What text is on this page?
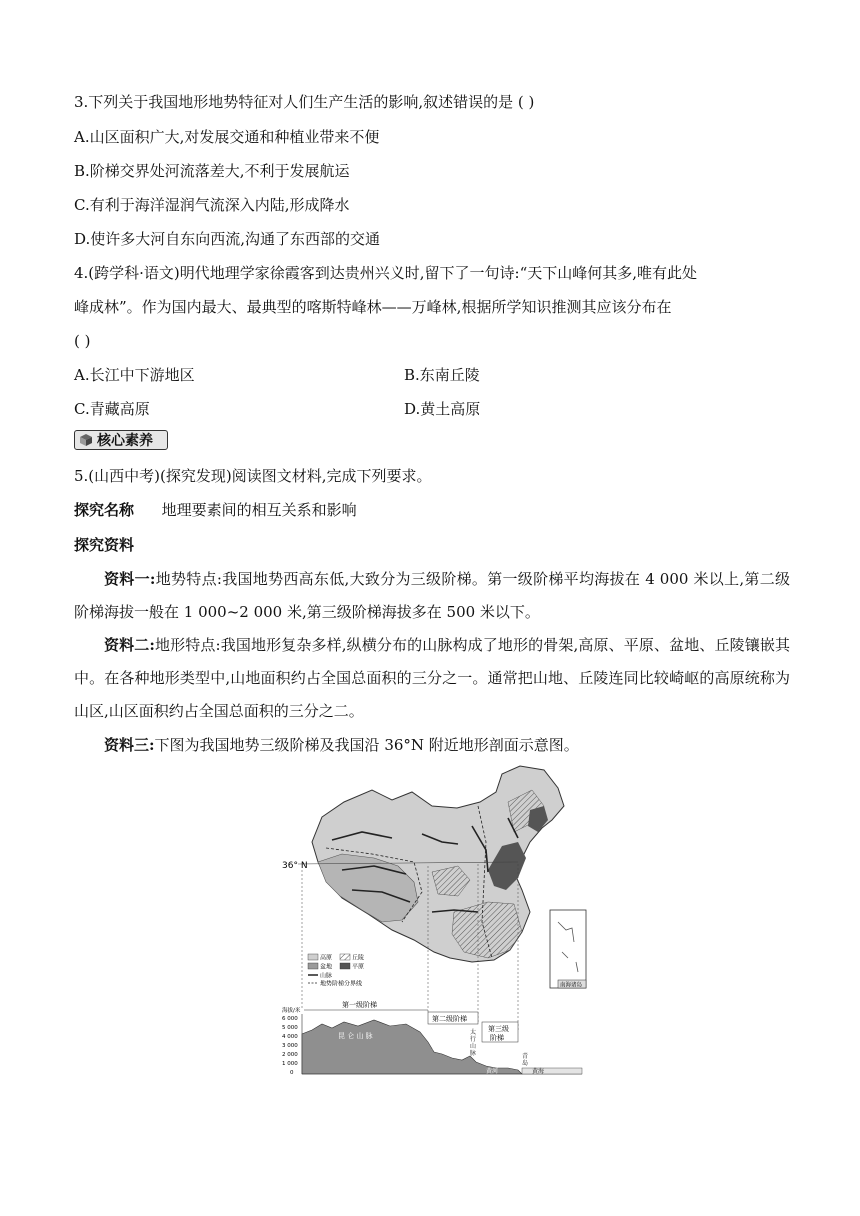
3.下列关于我国地形地势特征对人们生产生活的影响,叙述错误的是 ( )
A.山区面积广大,对发展交通和种植业带来不便
B.阶梯交界处河流落差大,不利于发展航运
C.有利于海洋湿润气流深入内陆,形成降水
D.使许多大河自东向西流,沟通了东西部的交通
4.(跨学科·语文)明代地理学家徐霞客到达贵州兴义时,留下了一句诗:“天下山峰何其多,唯有此处
峰成林”。作为国内最大、最典型的喀斯特峰林——万峰林,根据所学知识推测其应该分布在
( )
A.长江中下游地区	B.东南丘陵
C.青藏高原	D.黄土高原
核心素养
5.(山西中考)(探究发现)阅读图文材料,完成下列要求。
探究名称 地理要素间的相互关系和影响
探究资料
资料一:地势特点:我国地势西高东低,大致分为三级阶梯。第一级阶梯平均海拔在 4 000 米以上,第二级阶梯海拔一般在 1 000~2 000 米,第三级阶梯海拔多在 500 米以下。
资料二:地形特点:我国地形复杂多样,纵横分布的山脉构成了地形的骨架,高原、平原、盆地、丘陵镶嵌其中。在各种地形类型中,山地面积约占全国总面积的三分之一。通常把山地、丘陵连同比较崎岖的高原统称为山区,山区面积约占全国总面积的三分之二。
资料三:下图为我国地势三级阶梯及我国沿 36°N 附近地形剖面示意图。
36° N
南海诸岛
高原	丘陵
盆地	平原
山脉
地势阶梯分界线
第一级阶梯
第二级阶梯
第三级
阶梯
海拔/米
6 000
5 000
4 000
3 000
2 000
1 000
0
昆 仑 山 脉
兰州
太
行
山
脉
黄河
青
岛
黄海
